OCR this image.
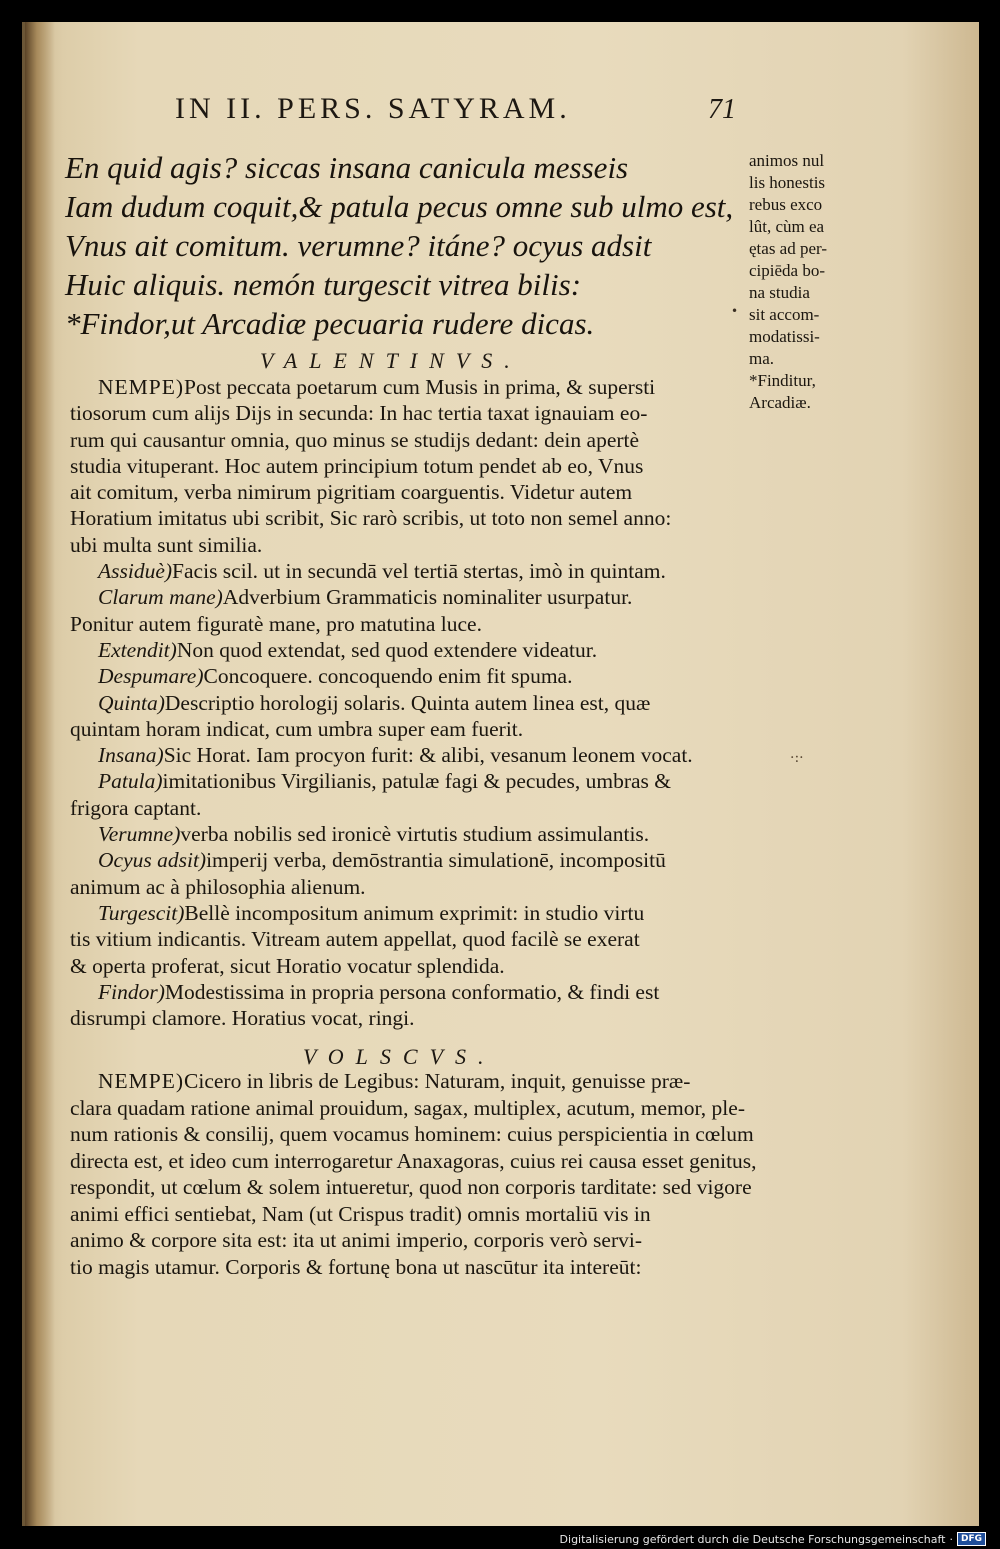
IN II. PERS. SATYRAM.	71
En quid agis? siccas insana canicula messeis
Iam dudum coquit,& patula pecus omne sub ulmo est,
Vnus ait comitum. verumne? itáne? ocyus adsit
Huic aliquis. nemón turgescit vitrea bilis:
*Findor,ut Arcadiæ pecuaria rudere dicas.
animos nul
lis honestis
rebus exco
lût, cùm ea
ętas ad per-
cipiēda bo-
na studia
sit accom-
modatissi-
ma.
*Finditur,
Arcadiæ.
•
·:·
VALENTINVS.
NEMPE)Post peccata poetarum cum Musis in prima, & supersti
tiosorum cum alijs Dijs in secunda: In hac tertia taxat ignauiam eo-
rum qui causantur omnia, quo minus se studijs dedant: dein apertè
studia vituperant. Hoc autem principium totum pendet ab eo, Vnus
ait comitum, verba nimirum pigritiam coarguentis. Videtur autem
Horatium imitatus ubi scribit, Sic rarò scribis, ut toto non semel anno:
ubi multa sunt similia.
Assiduè)Facis scil. ut in secundā vel tertiā stertas, imò in quintam.
Clarum mane)Adverbium Grammaticis nominaliter usurpatur.
Ponitur autem figuratè mane, pro matutina luce.
Extendit)Non quod extendat, sed quod extendere videatur.
Despumare)Concoquere. concoquendo enim fit spuma.
Quinta)Descriptio horologij solaris. Quinta autem linea est, quæ
quintam horam indicat, cum umbra super eam fuerit.
Insana)Sic Horat. Iam procyon furit: & alibi, vesanum leonem vocat.
Patula)imitationibus Virgilianis, patulæ fagi & pecudes, umbras &
frigora captant.
Verumne)verba nobilis sed ironicè virtutis studium assimulantis.
Ocyus adsit)imperij verba, demōstrantia simulationē, incompositū
animum ac à philosophia alienum.
Turgescit)Bellè incompositum animum exprimit: in studio virtu
tis vitium indicantis. Vitream autem appellat, quod facilè se exerat
& operta proferat, sicut Horatio vocatur splendida.
Findor)Modestissima in propria persona conformatio, & findi est
disrumpi clamore. Horatius vocat, ringi.
VOLSCVS.
NEMPE)Cicero in libris de Legibus: Naturam, inquit, genuisse præ-
clara quadam ratione animal prouidum, sagax, multiplex, acutum, memor, ple-
num rationis & consilij, quem vocamus hominem: cuius perspicientia in cœlum
directa est, et ideo cum interrogaretur Anaxagoras, cuius rei causa esset genitus,
respondit, ut cœlum & solem intueretur, quod non corporis tarditate: sed vigore
animi effici sentiebat, Nam (ut Crispus tradit) omnis mortaliū vis in
animo & corpore sita est: ita ut animi imperio, corporis verò servi-
tio magis utamur. Corporis & fortunę bona ut nascūtur ita intereūt:
Digitalisierung gefördert durch die Deutsche Forschungsgemeinschaft · DFG
